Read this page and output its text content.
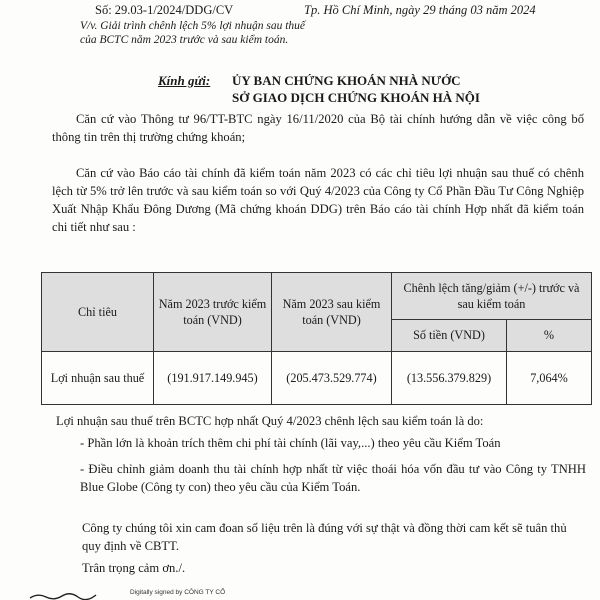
Số: 29.03-1/2024/DDG/CV	Tp. Hồ Chí Minh, ngày 29 tháng 03 năm 2024
V/v. Giải trình chênh lệch 5% lợi nhuận sau thuế của BCTC năm 2023 trước và sau kiểm toán.
Kính gửi: ỦY BAN CHỨNG KHOÁN NHÀ NƯỚC
SỞ GIAO DỊCH CHỨNG KHOÁN HÀ NỘI
Căn cứ vào Thông tư 96/TT-BTC ngày 16/11/2020 của Bộ tài chính hướng dẫn về việc công bố thông tin trên thị trường chứng khoán;
Căn cứ vào Báo cáo tài chính đã kiểm toán năm 2023 có các chỉ tiêu lợi nhuận sau thuế có chênh lệch từ 5% trở lên trước và sau kiểm toán so với Quý 4/2023 của Công ty Cổ Phần Đầu Tư Công Nghiệp Xuất Nhập Khẩu Đông Dương (Mã chứng khoán DDG) trên Báo cáo tài chính Hợp nhất đã kiểm toán chi tiết như sau :
Chỉ tiêu	Năm 2023 trước kiểm toán (VND)	Năm 2023 sau kiểm toán (VND)	Chênh lệch tăng/giảm (+/-) trước và sau kiểm toán	
			Số tiền (VND)	%
Lợi nhuận sau thuế	(191.917.149.945)	(205.473.529.774)	(13.556.379.829)	7,064%
Lợi nhuận sau thuế trên BCTC hợp nhất Quý 4/2023 chênh lệch sau kiểm toán là do:
- Phần lớn là khoản trích thêm chi phí tài chính (lãi vay,...) theo yêu cầu Kiểm Toán
- Điều chỉnh giảm doanh thu tài chính hợp nhất từ việc thoái hóa vốn đầu tư vào Công ty TNHH Blue Globe (Công ty con) theo yêu cầu của Kiểm Toán.
Công ty chúng tôi xin cam đoan số liệu trên là đúng với sự thật và đồng thời cam kết sẽ tuân thủ quy định về CBTT.
Trân trọng cảm ơn./.
Digitally signed by CÔNG TY CỔ
